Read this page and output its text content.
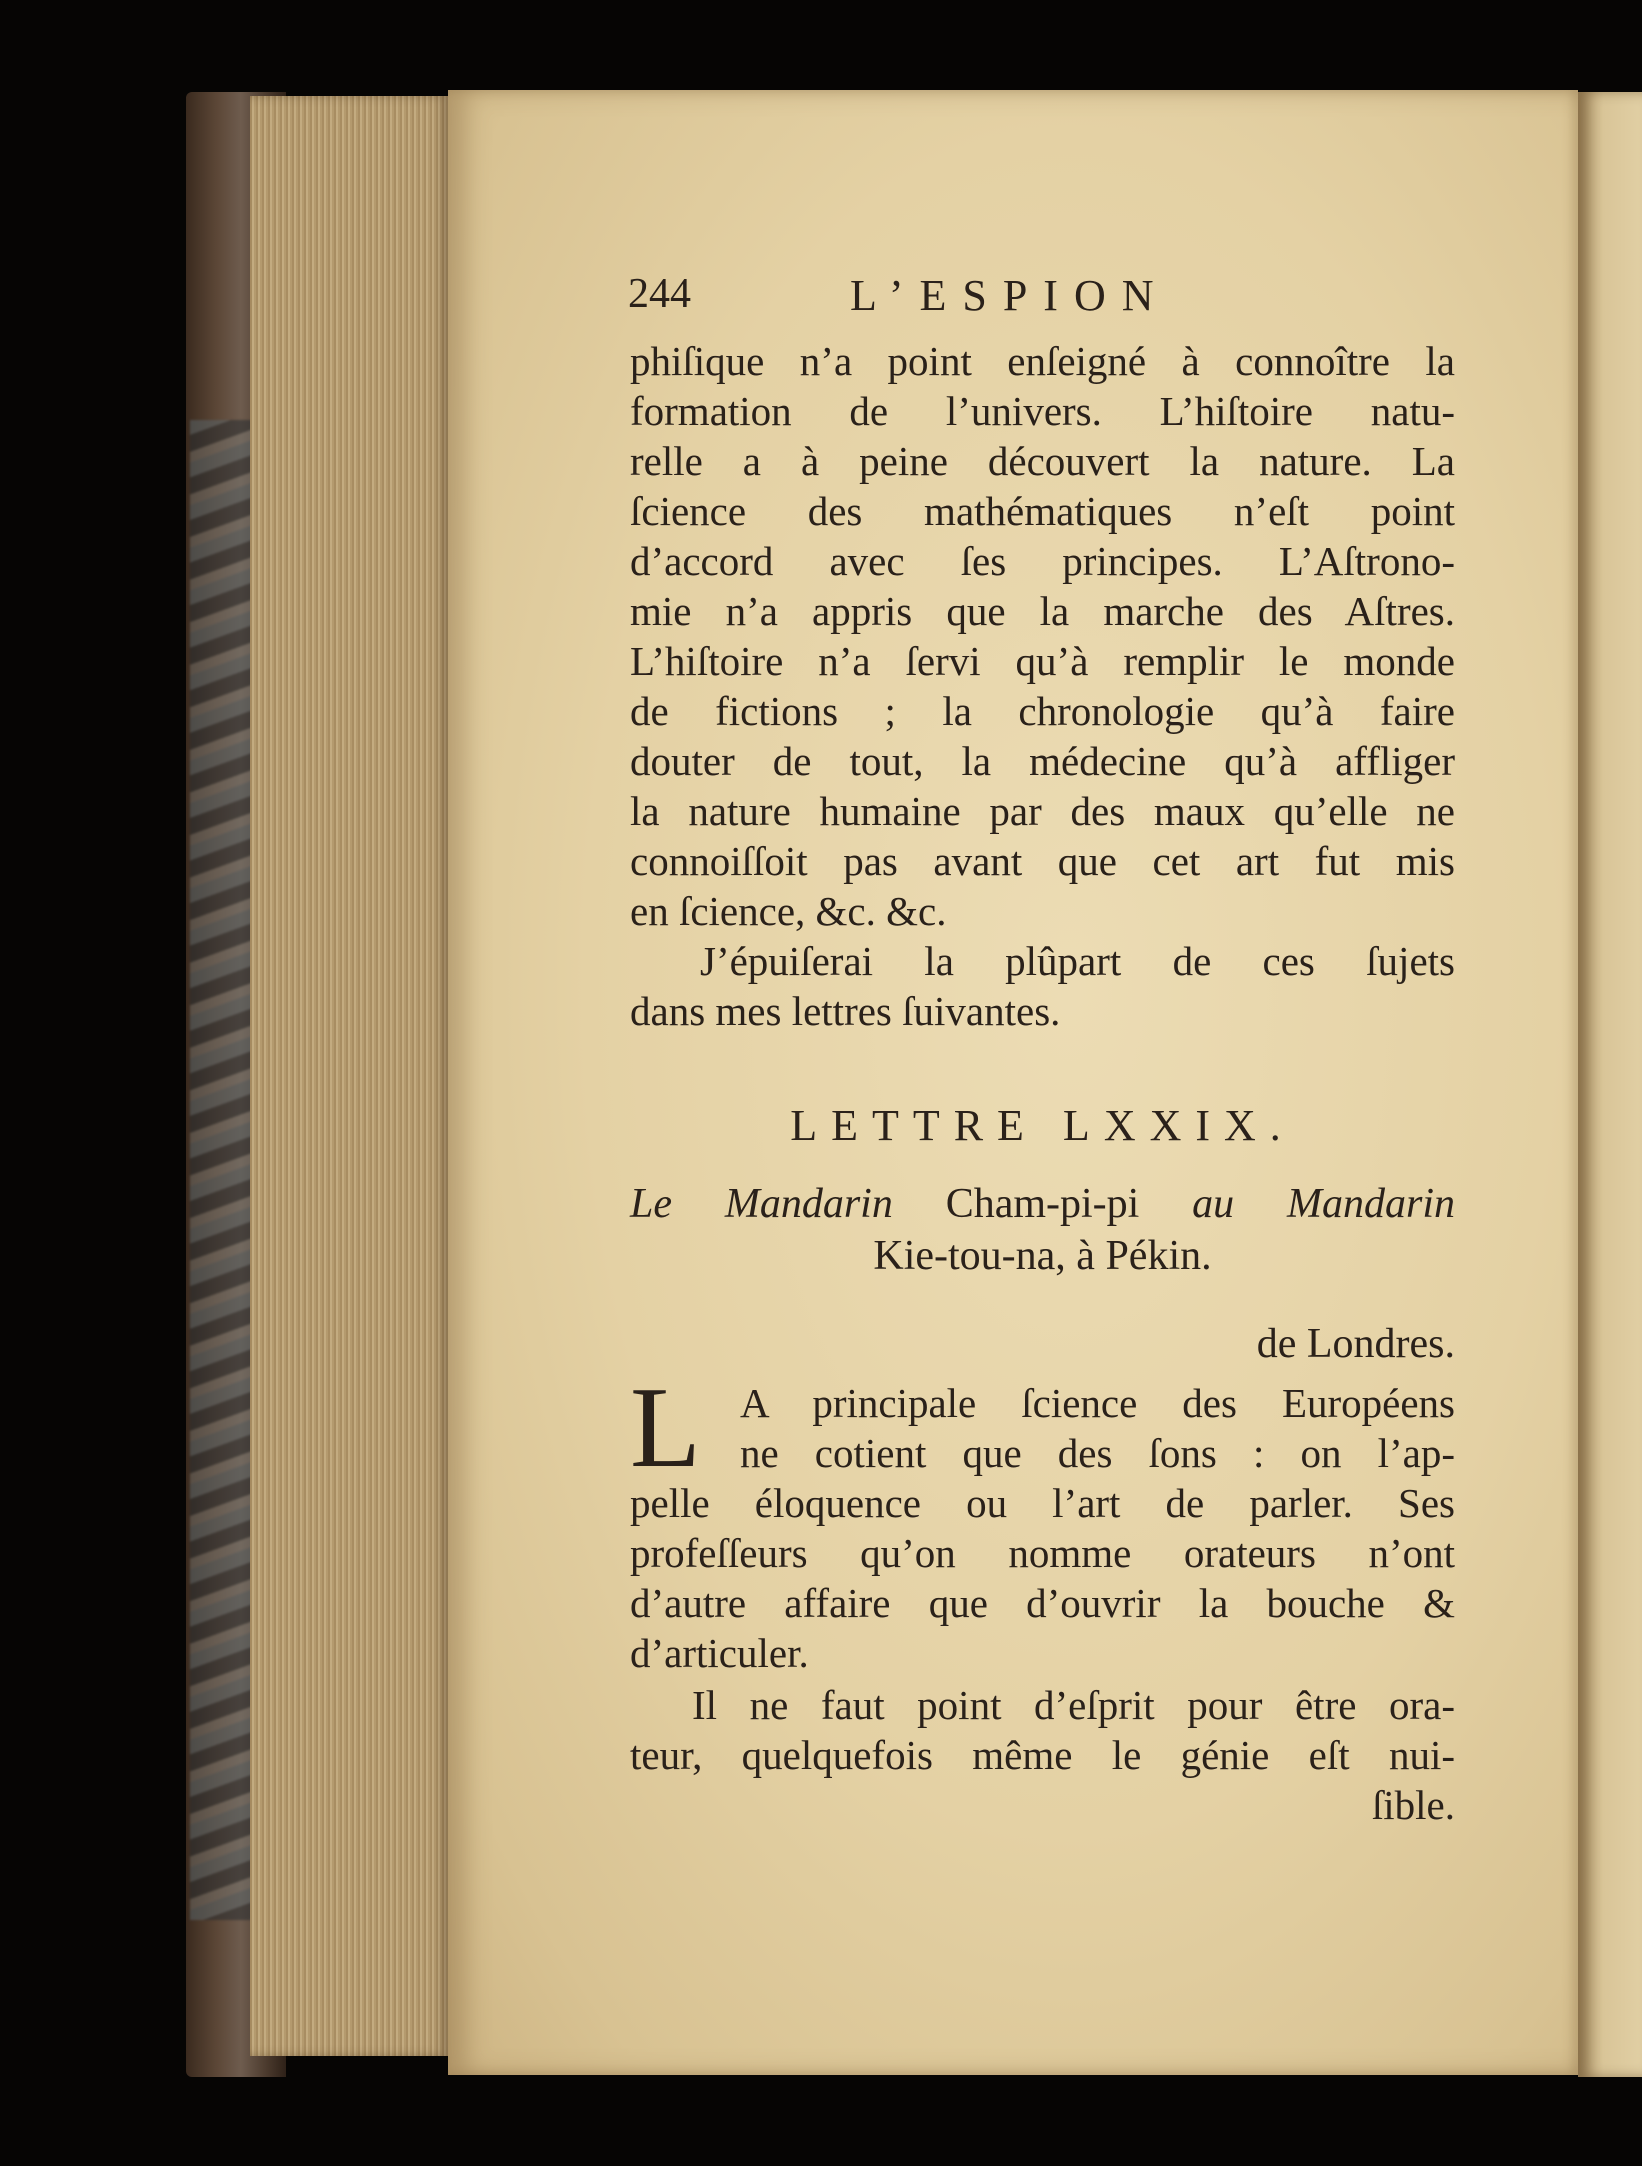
244	L’ESPION
phiſique n’a point enſeigné à connoître la
formation de l’univers. L’hiſtoire natu-
relle a à peine découvert la nature. La
ſcience des mathématiques n’eſt point
d’accord avec ſes principes. L’Aſtrono-
mie n’a appris que la marche des Aſtres.
L’hiſtoire n’a ſervi qu’à remplir le monde
de fictions ; la chronologie qu’à faire
douter de tout, la médecine qu’à affliger
la nature humaine par des maux qu’elle ne
connoiſſoit pas avant que cet art fut mis
en ſcience, &c. &c.
J’épuiſerai la plûpart de ces ſujets
dans mes lettres ſuivantes.
LETTRE LXXIX.
Le Mandarin Cham-pi-pi au Mandarin
Kie-tou-na, à Pékin.
de Londres.
L A principale ſcience des Européens
ne cotient que des ſons : on l’ap-
pelle éloquence ou l’art de parler. Ses
profeſſeurs qu’on nomme orateurs n’ont
d’autre affaire que d’ouvrir la bouche &
d’articuler.
Il ne faut point d’eſprit pour être ora-
teur, quelquefois même le génie eſt nui-
ſible.
